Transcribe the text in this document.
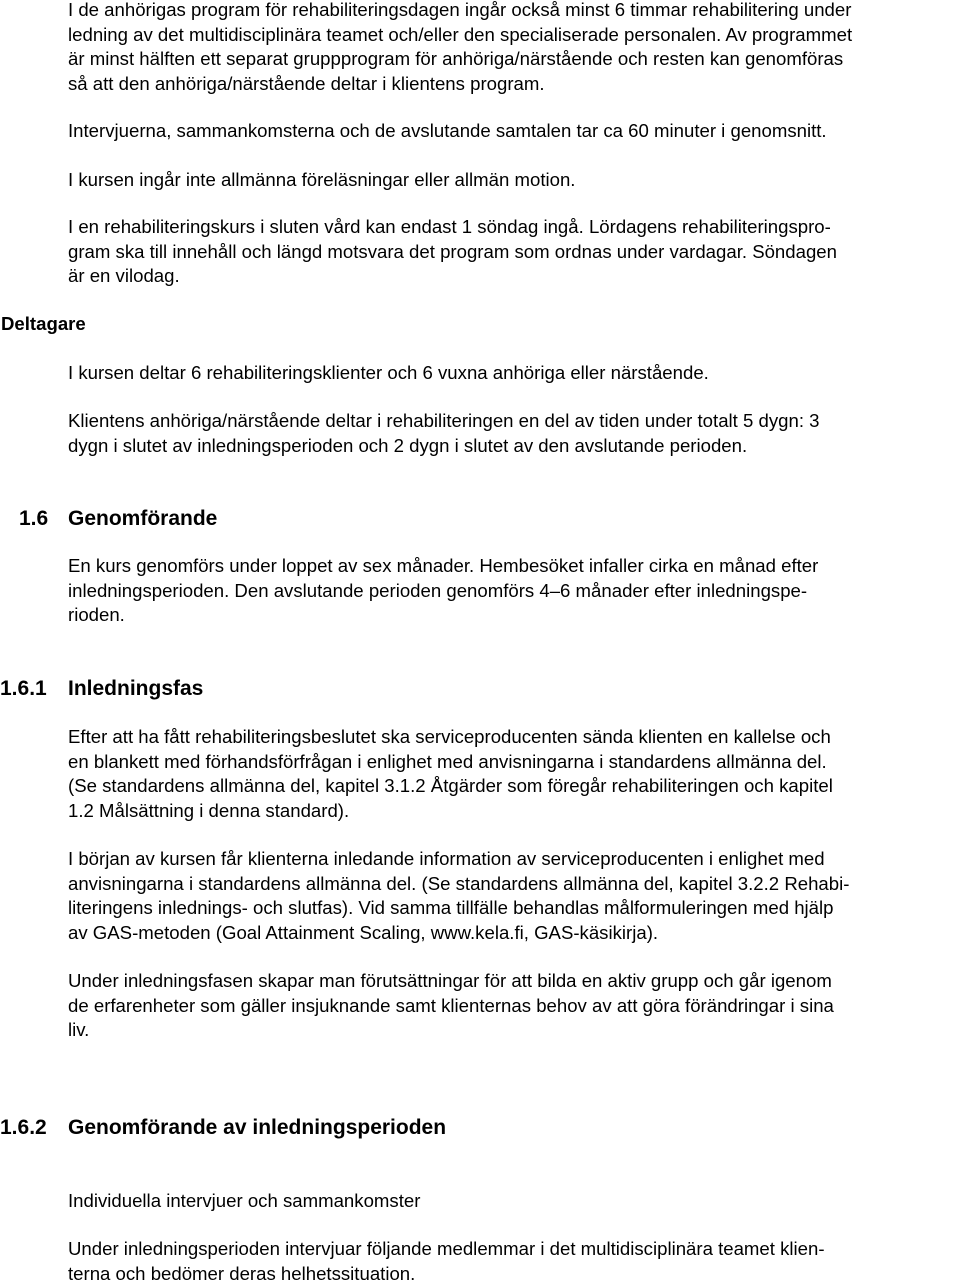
I de anhörigas program för rehabiliteringsdagen ingår också minst 6 timmar rehabilitering under
ledning av det multidisciplinära teamet och/eller den specialiserade personalen. Av programmet
är minst hälften ett separat gruppprogram för anhöriga/närstående och resten kan genomföras
så att den anhöriga/närstående deltar i klientens program.

Intervjuerna, sammankomsterna och de avslutande samtalen tar ca 60 minuter i genomsnitt.

I kursen ingår inte allmänna föreläsningar eller allmän motion.

I en rehabiliteringskurs i sluten vård kan endast 1 söndag ingå. Lördagens rehabiliteringspro-
gram ska till innehåll och längd motsvara det program som ordnas under vardagar. Söndagen
är en vilodag.

Deltagare

I kursen deltar 6 rehabiliteringsklienter och 6 vuxna anhöriga eller närstående.

Klientens anhöriga/närstående deltar i rehabiliteringen en del av tiden under totalt 5 dygn: 3
dygn i slutet av inledningsperioden och 2 dygn i slutet av den avslutande perioden.

1.6 Genomförande

En kurs genomförs under loppet av sex månader. Hembesöket infaller cirka en månad efter
inledningsperioden. Den avslutande perioden genomförs 4–6 månader efter inledningspe-
rioden.

1.6.1 Inledningsfas

Efter att ha fått rehabiliteringsbeslutet ska serviceproducenten sända klienten en kallelse och
en blankett med förhandsförfrågan i enlighet med anvisningarna i standardens allmänna del.
(Se standardens allmänna del, kapitel 3.1.2 Åtgärder som föregår rehabiliteringen och kapitel
1.2 Målsättning i denna standard).

I början av kursen får klienterna inledande information av serviceproducenten i enlighet med
anvisningarna i standardens allmänna del. (Se standardens allmänna del, kapitel 3.2.2 Rehabi-
literingens inlednings- och slutfas). Vid samma tillfälle behandlas målformuleringen med hjälp
av GAS-metoden (Goal Attainment Scaling, www.kela.fi, GAS-käsikirja).

Under inledningsfasen skapar man förutsättningar för att bilda en aktiv grupp och går igenom
de erfarenheter som gäller insjuknande samt klienternas behov av att göra förändringar i sina
liv.

1.6.2 Genomförande av inledningsperioden

Individuella intervjuer och sammankomster

Under inledningsperioden intervjuar följande medlemmar i det multidisciplinära teamet klien-
terna och bedömer deras helhetssituation.
